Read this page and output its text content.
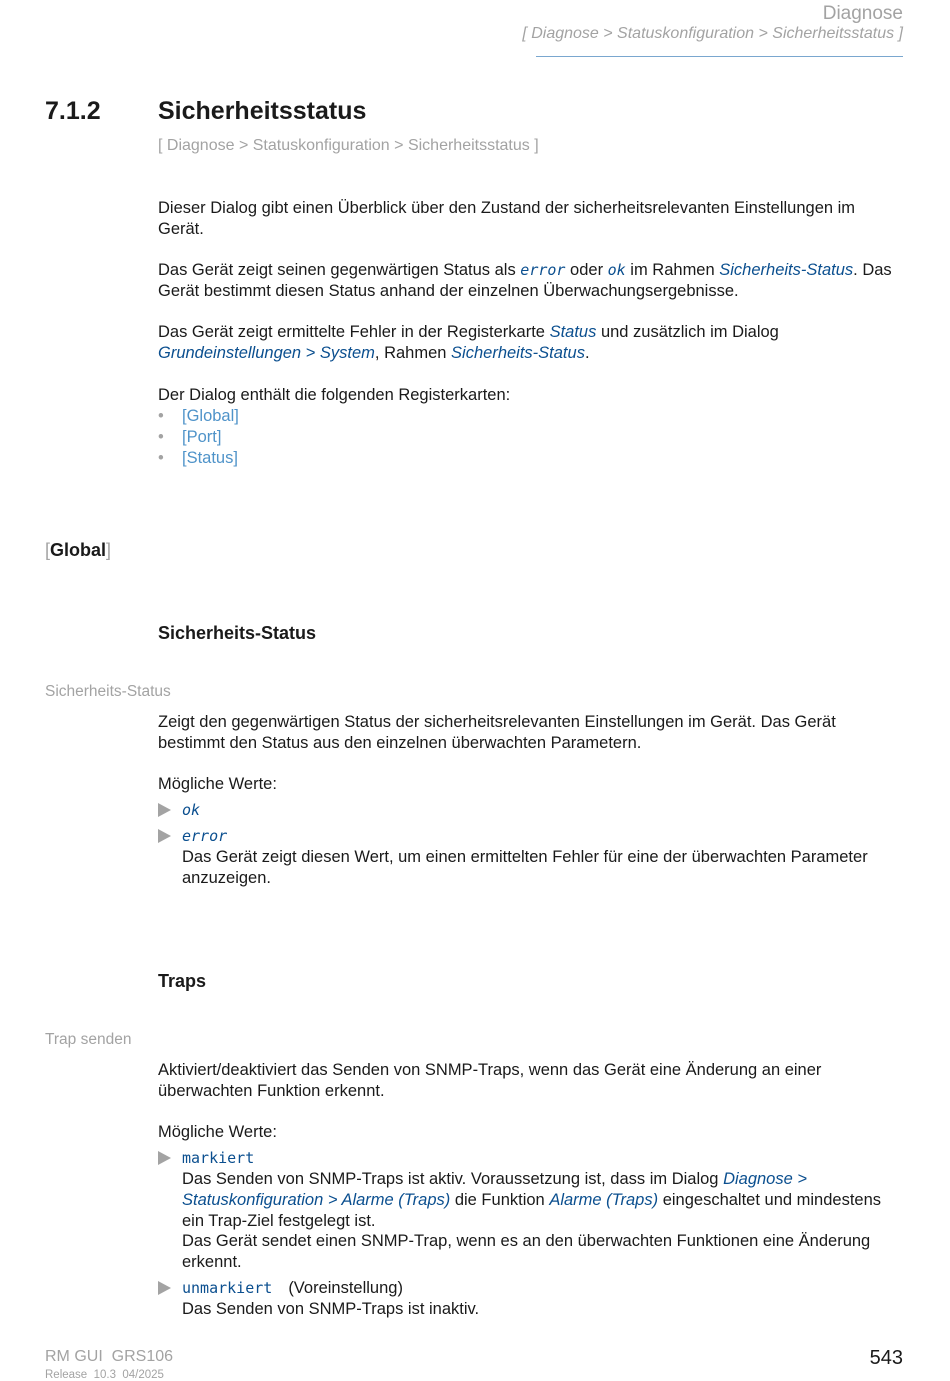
Diagnose
[ Diagnose > Statuskonfiguration > Sicherheitsstatus ]
7.1.2 Sicherheitsstatus
[ Diagnose > Statuskonfiguration > Sicherheitsstatus ]

Dieser Dialog gibt einen Überblick über den Zustand der sicherheitsrelevanten Einstellungen im Gerät.

Das Gerät zeigt seinen gegenwärtigen Status als error oder ok im Rahmen Sicherheits-Status. Das Gerät bestimmt diesen Status anhand der einzelnen Überwachungsergebnisse.

Das Gerät zeigt ermittelte Fehler in der Registerkarte Status und zusätzlich im Dialog Grundeinstellungen > System, Rahmen Sicherheits-Status.

Der Dialog enthält die folgenden Registerkarten:

• [Global]
• [Port]
• [Status]
[Global]
Sicherheits-Status
Sicherheits-Status

Zeigt den gegenwärtigen Status der sicherheitsrelevanten Einstellungen im Gerät. Das Gerät bestimmt den Status aus den einzelnen überwachten Parametern.

Mögliche Werte:

ok
error

Das Gerät zeigt diesen Wert, um einen ermittelten Fehler für eine der überwachten Parameter anzuzeigen.

Traps
Trap senden

Aktiviert/deaktiviert das Senden von SNMP-Traps, wenn das Gerät eine Änderung an einer überwachten Funktion erkennt.

Mögliche Werte:

markiert

Das Senden von SNMP-Traps ist aktiv. Voraussetzung ist, dass im Dialog Diagnose > Statuskonfiguration > Alarme (Traps) die Funktion Alarme (Traps) eingeschaltet und mindestens ein Trap-Ziel festgelegt ist.

Das Gerät sendet einen SNMP-Trap, wenn es an den überwachten Funktionen eine Änderung erkennt.

unmarkiert (Voreinstellung)

Das Senden von SNMP-Traps ist inaktiv.

RM GUI  GRS106
Release  10.3  04/2025
543
